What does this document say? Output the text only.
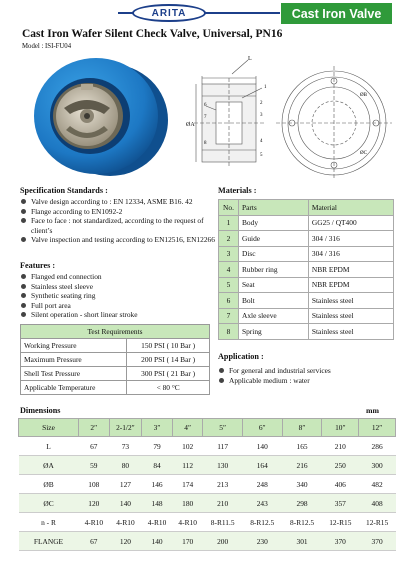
ARITA	Cast Iron Valve
Cast Iron Wafer Silent Check Valve, Universal, PN16
Model : ISI-FU04
L
ØA
ØB
ØC
1
2
3
4
5
6
7
8
Specification Standards :
Valve design according to : EN 12334, ASME B16. 42
Flange according to EN1092-2
Face to face : not standardized, according to the request of client’s
Valve inspection and testing according to EN12516, EN12266
Features :
Flanged end connection
Stainless steel sleeve
Synthetic seating ring
Full port area
Silent operation - short linear stroke
Test Requirements	
Working Pressure	150 PSI ( 10 Bar )
Maximum Pressure	200 PSI ( 14 Bar )
Shell Test Pressure	300 PSI ( 21 Bar )
Applicable Temperature	< 80 °C
Materials :
No.	Parts	Material
1	Body	GG25 / QT400
2	Guide	304 / 316
3	Disc	304 / 316
4	Rubber ring	NBR EPDM
5	Seat	NBR EPDM
6	Bolt	Stainless steel
7	Axle sleeve	Stainless steel
8	Spring	Stainless steel
Application :
For general and industrial services
Applicable medium : water
Dimensions	mm
Size	2″	2-1/2″	3″	4″	5″	6″	8″	10″	12″
L	67	73	79	102	117	140	165	210	286
ØA	59	80	84	112	130	164	216	250	300
ØB	108	127	146	174	213	248	340	406	482
ØC	120	140	148	180	210	243	298	357	408
n - R	4-R10	4-R10	4-R10	4-R10	8-R11.5	8-R12.5	8-R12.5	12-R15	12-R15
FLANGE	67	120	140	170	200	230	301	370	370
